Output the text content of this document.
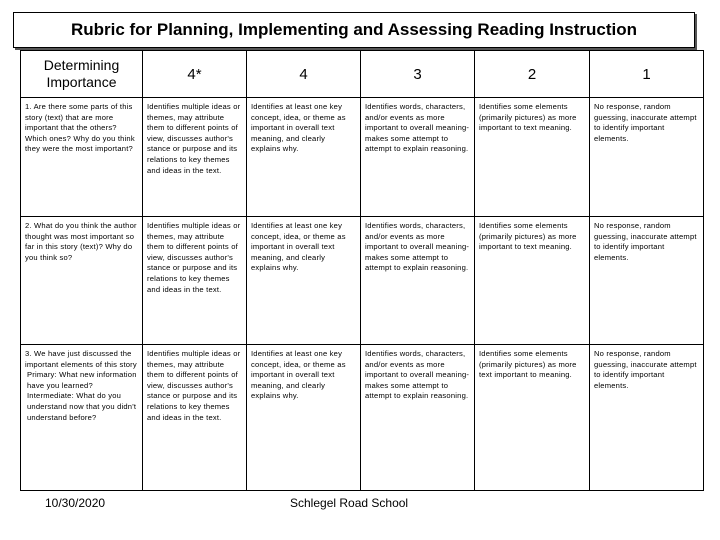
Rubric for Planning, Implementing and Assessing Reading Instruction
Determining Importance	4*	4	3	2	1

1. Are there some parts of this story (text) that are more important that the others? Which ones? Why do you think they were the most important?	Identifies multiple ideas or themes, may attribute them to different points of view, discusses author's stance or purpose and its relations to key themes and ideas in the text.	Identifies at least one key concept, idea, or theme as important in overall text meaning, and clearly explains why.	Identifies words, characters, and/or events as more important to overall meaning- makes some attempt to attempt to explain reasoning.	Identifies some elements (primarily pictures) as more important to text meaning.	No response, random guessing, inaccurate attempt to identify important elements.

2. What do you think the author thought was most important so far in this story (text)? Why do you think so?	Identifies multiple ideas or themes, may attribute them to different points of view, discusses author's stance or purpose and its relations to key themes and ideas in the text.	Identifies at least one key concept, idea, or theme as important in overall text meaning, and clearly explains why.	Identifies words, characters, and/or events as more important to overall meaning- makes some attempt to attempt to explain reasoning.	Identifies some elements (primarily pictures) as more important to text meaning.	No response, random guessing, inaccurate attempt to identify important elements.

3. We have just discussed the important elements of this story
Primary: What new information have you learned?
Intermediate: What do you understand now that you didn't understand before?	Identifies multiple ideas or themes, may attribute them to different points of view, discusses author's stance or purpose and its relations to key themes and ideas in the text.	Identifies at least one key concept, idea, or theme as important in overall text meaning, and clearly explains why.	Identifies words, characters, and/or events as more important to overall meaning- makes some attempt to attempt to explain reasoning.	Identifies some elements (primarily pictures) as more text important to meaning.	No response, random guessing, inaccurate attempt to identify important elements.
10/30/2020	Schlegel Road School
